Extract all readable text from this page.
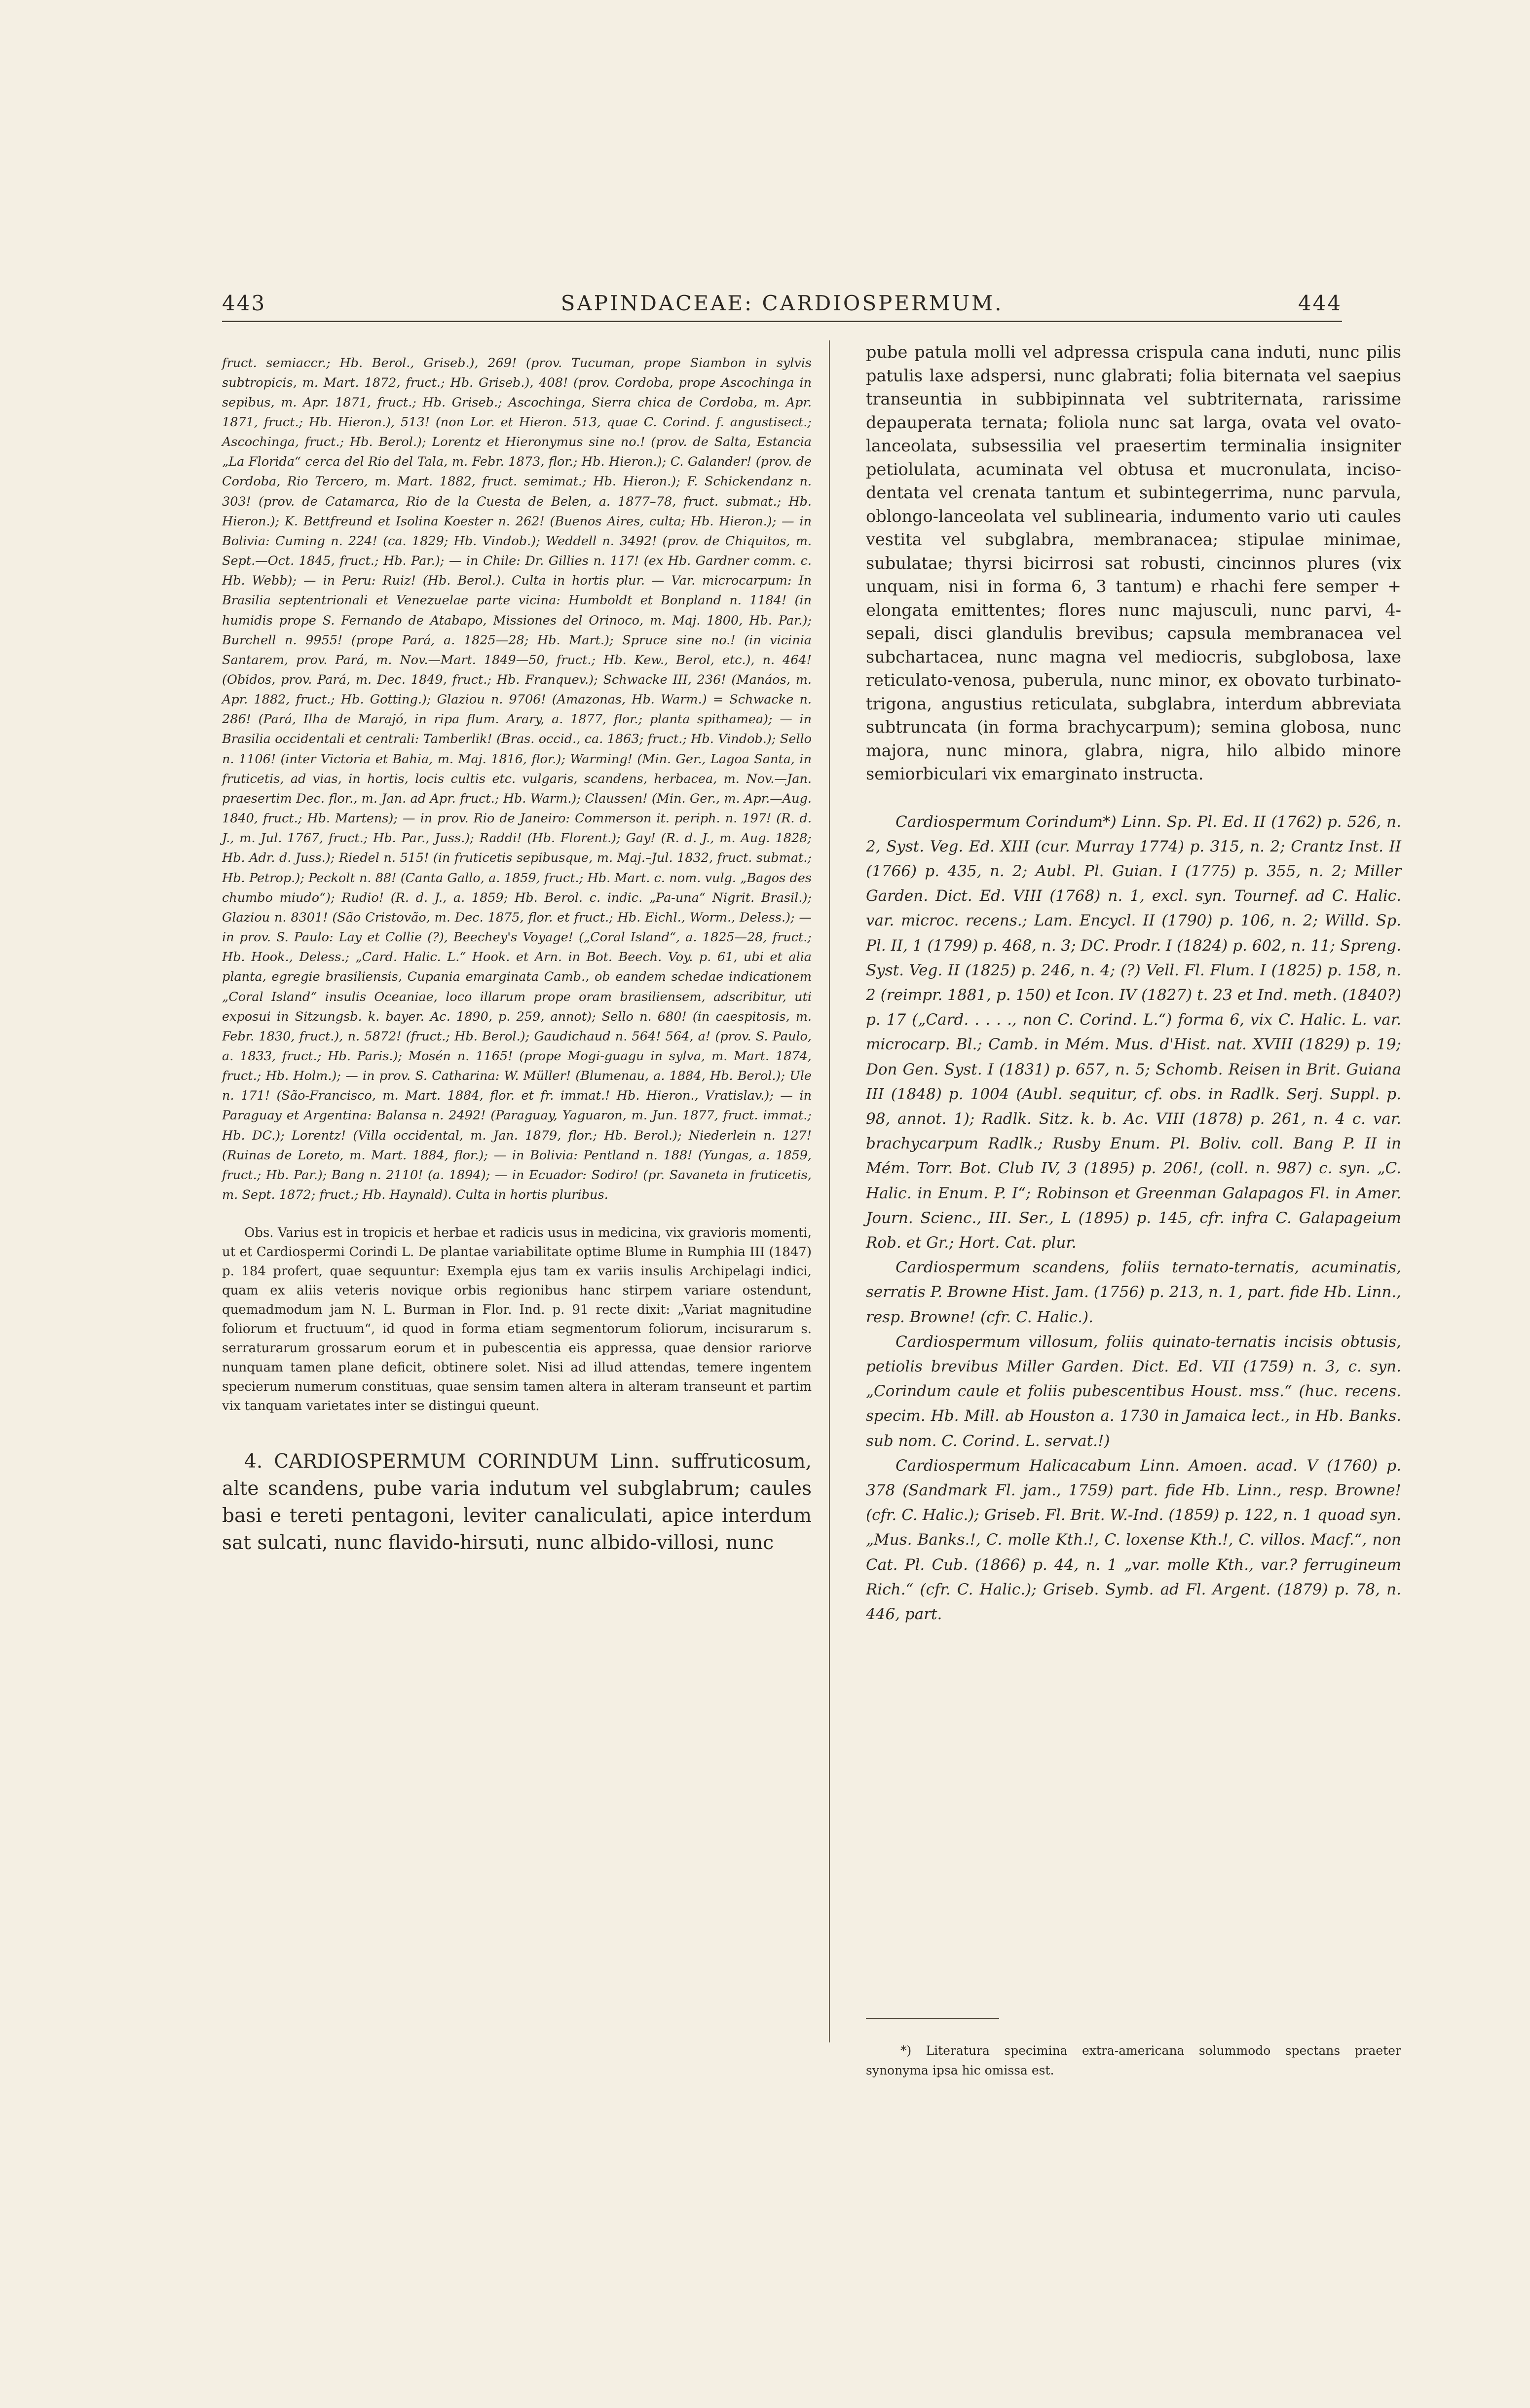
443	SAPINDACEAE: CARDIOSPERMUM.	444

fruct. semiaccr.; Hb. Berol., Griseb.), 269! (prov. Tucuman, prope Siambon in sylvis subtropicis, m. Mart. 1872, fruct.; Hb. Griseb.), 408! (prov. Cordoba, prope Ascochinga in sepibus, m. Apr. 1871, fruct.; Hb. Griseb.; Ascochinga, Sierra chica de Cordoba, m. Apr. 1871, fruct.; Hb. Hieron.), 513! (non Lor. et Hieron. 513, quae C. Corind. f. angustisect.; Ascochinga, fruct.; Hb. Berol.); Lorentz et Hieronymus sine no.! (prov. de Salta, Estancia „La Florida“ cerca del Rio del Tala, m. Febr. 1873, flor.; Hb. Hieron.); C. Galander! (prov. de Cordoba, Rio Tercero, m. Mart. 1882, fruct. semimat.; Hb. Hieron.); F. Schickendanz n. 303! (prov. de Catamarca, Rio de la Cuesta de Belen, a. 1877–78, fruct. submat.; Hb. Hieron.); K. Bettfreund et Isolina Koester n. 262! (Buenos Aires, culta; Hb. Hieron.); — in Bolivia: Cuming n. 224! (ca. 1829; Hb. Vindob.); Weddell n. 3492! (prov. de Chiquitos, m. Sept.—Oct. 1845, fruct.; Hb. Par.); — in Chile: Dr. Gillies n. 117! (ex Hb. Gardner comm. c. Hb. Webb); — in Peru: Ruiz! (Hb. Berol.). Culta in hortis plur. — Var. microcarpum: In Brasilia septentrionali et Venezuelae parte vicina: Humboldt et Bonpland n. 1184! (in humidis prope S. Fernando de Atabapo, Missiones del Orinoco, m. Maj. 1800, Hb. Par.); Burchell n. 9955! (prope Pará, a. 1825—28; Hb. Mart.); Spruce sine no.! (in vicinia Santarem, prov. Pará, m. Nov.—Mart. 1849—50, fruct.; Hb. Kew., Berol, etc.), n. 464! (Obidos, prov. Pará, m. Dec. 1849, fruct.; Hb. Franquev.); Schwacke III, 236! (Manáos, m. Apr. 1882, fruct.; Hb. Gotting.); Glaziou n. 9706! (Amazonas, Hb. Warm.) = Schwacke n. 286! (Pará, Ilha de Marajó, in ripa flum. Arary, a. 1877, flor.; planta spithamea); — in Brasilia occidentali et centrali: Tamberlik! (Bras. occid., ca. 1863; fruct.; Hb. Vindob.); Sello n. 1106! (inter Victoria et Bahia, m. Maj. 1816, flor.); Warming! (Min. Ger., Lagoa Santa, in fruticetis, ad vias, in hortis, locis cultis etc. vulgaris, scandens, herbacea, m. Nov.—Jan. praesertim Dec. flor., m. Jan. ad Apr. fruct.; Hb. Warm.); Claussen! (Min. Ger., m. Apr.—Aug. 1840, fruct.; Hb. Martens); — in prov. Rio de Janeiro: Commerson it. periph. n. 197! (R. d. J., m. Jul. 1767, fruct.; Hb. Par., Juss.); Raddi! (Hb. Florent.); Gay! (R. d. J., m. Aug. 1828; Hb. Adr. d. Juss.); Riedel n. 515! (in fruticetis sepibusque, m. Maj.–Jul. 1832, fruct. submat.; Hb. Petrop.); Peckolt n. 88! (Canta Gallo, a. 1859, fruct.; Hb. Mart. c. nom. vulg. „Bagos des chumbo miudo“); Rudio! (R. d. J., a. 1859; Hb. Berol. c. indic. „Pa-una“ Nigrit. Brasil.); Glaziou n. 8301! (São Cristovão, m. Dec. 1875, flor. et fruct.; Hb. Eichl., Worm., Deless.); — in prov. S. Paulo: Lay et Collie (?), Beechey's Voyage! („Coral Island“, a. 1825—28, fruct.; Hb. Hook., Deless.; „Card. Halic. L.“ Hook. et Arn. in Bot. Beech. Voy. p. 61, ubi et alia planta, egregie brasiliensis, Cupania emarginata Camb., ob eandem schedae indicationem „Coral Island“ insulis Oceaniae, loco illarum prope oram brasiliensem, adscribitur, uti exposui in Sitzungsb. k. bayer. Ac. 1890, p. 259, annot); Sello n. 680! (in caespitosis, m. Febr. 1830, fruct.), n. 5872! (fruct.; Hb. Berol.); Gaudichaud n. 564! 564, a! (prov. S. Paulo, a. 1833, fruct.; Hb. Paris.); Mosén n. 1165! (prope Mogi-guagu in sylva, m. Mart. 1874, fruct.; Hb. Holm.); — in prov. S. Catharina: W. Müller! (Blumenau, a. 1884, Hb. Berol.); Ule n. 171! (São-Francisco, m. Mart. 1884, flor. et fr. immat.! Hb. Hieron., Vratislav.); — in Paraguay et Argentina: Balansa n. 2492! (Paraguay, Yaguaron, m. Jun. 1877, fruct. immat.; Hb. DC.); Lorentz! (Villa occidental, m. Jan. 1879, flor.; Hb. Berol.); Niederlein n. 127! (Ruinas de Loreto, m. Mart. 1884, flor.); — in Bolivia: Pentland n. 188! (Yungas, a. 1859, fruct.; Hb. Par.); Bang n. 2110! (a. 1894); — in Ecuador: Sodiro! (pr. Savaneta in fruticetis, m. Sept. 1872; fruct.; Hb. Haynald). Culta in hortis pluribus.

Obs. Varius est in tropicis et herbae et radicis usus in medicina, vix gravioris momenti, ut et Cardiospermi Corindi L. De plantae variabilitate optime Blume in Rumphia III (1847) p. 184 profert, quae sequuntur: Exempla ejus tam ex variis insulis Archipelagi indici, quam ex aliis veteris novique orbis regionibus hanc stirpem variare ostendunt, quemadmodum jam N. L. Burman in Flor. Ind. p. 91 recte dixit: „Variat magnitudine foliorum et fructuum“, id quod in forma etiam segmentorum foliorum, incisurarum s. serraturarum grossarum eorum et in pubescentia eis appressa, quae densior rariorve nunquam tamen plane deficit, obtinere solet. Nisi ad illud attendas, temere ingentem specierum numerum constituas, quae sensim tamen altera in alteram transeunt et partim vix tanquam varietates inter se distingui queunt.

4. CARDIOSPERMUM CORINDUM Linn. suffruticosum, alte scandens, pube varia indutum vel subglabrum; caules basi e tereti pentagoni, leviter canaliculati, apice interdum sat sulcati, nunc flavido-hirsuti, nunc albido-villosi, nunc

pube patula molli vel adpressa crispula cana induti, nunc pilis patulis laxe adspersi, nunc glabrati; folia biternata vel saepius transeuntia in subbipinnata vel subtriternata, rarissime depauperata ternata; foliola nunc sat larga, ovata vel ovato-lanceolata, subsessilia vel praesertim terminalia insigniter petiolulata, acuminata vel obtusa et mucronulata, inciso-dentata vel crenata tantum et subintegerrima, nunc parvula, oblongo-lanceolata vel sublinearia, indumento vario uti caules vestita vel subglabra, membranacea; stipulae minimae, subulatae; thyrsi bicirrosi sat robusti, cincinnos plures (vix unquam, nisi in forma 6, 3 tantum) e rhachi fere semper + elongata emittentes; flores nunc majusculi, nunc parvi, 4-sepali, disci glandulis brevibus; capsula membranacea vel subchartacea, nunc magna vel mediocris, subglobosa, laxe reticulato-venosa, puberula, nunc minor, ex obovato turbinato-trigona, angustius reticulata, subglabra, interdum abbreviata subtruncata (in forma brachycarpum); semina globosa, nunc majora, nunc minora, glabra, nigra, hilo albido minore semiorbiculari vix emarginato instructa.

Cardiospermum Corindum*) Linn. Sp. Pl. Ed. II (1762) p. 526, n. 2, Syst. Veg. Ed. XIII (cur. Murray 1774) p. 315, n. 2; Crantz Inst. II (1766) p. 435, n. 2; Aubl. Pl. Guian. I (1775) p. 355, n. 2; Miller Garden. Dict. Ed. VIII (1768) n. 1, excl. syn. Tournef. ad C. Halic. var. microc. recens.; Lam. Encycl. II (1790) p. 106, n. 2; Willd. Sp. Pl. II, 1 (1799) p. 468, n. 3; DC. Prodr. I (1824) p. 602, n. 11; Spreng. Syst. Veg. II (1825) p. 246, n. 4; (?) Vell. Fl. Flum. I (1825) p. 158, n. 2 (reimpr. 1881, p. 150) et Icon. IV (1827) t. 23 et Ind. meth. (1840?) p. 17 („Card. . . . ., non C. Corind. L.“) forma 6, vix C. Halic. L. var. microcarp. Bl.; Camb. in Mém. Mus. d'Hist. nat. XVIII (1829) p. 19; Don Gen. Syst. I (1831) p. 657, n. 5; Schomb. Reisen in Brit. Guiana III (1848) p. 1004 (Aubl. sequitur, cf. obs. in Radlk. Serj. Suppl. p. 98, annot. 1); Radlk. Sitz. k. b. Ac. VIII (1878) p. 261, n. 4 c. var. brachycarpum Radlk.; Rusby Enum. Pl. Boliv. coll. Bang P. II in Mém. Torr. Bot. Club IV, 3 (1895) p. 206!, (coll. n. 987) c. syn. „C. Halic. in Enum. P. I“; Robinson et Greenman Galapagos Fl. in Amer. Journ. Scienc., III. Ser., L (1895) p. 145, cfr. infra C. Galapageium Rob. et Gr.; Hort. Cat. plur.

Cardiospermum scandens, foliis ternato-ternatis, acuminatis, serratis P. Browne Hist. Jam. (1756) p. 213, n. 1, part. fide Hb. Linn., resp. Browne! (cfr. C. Halic.).

Cardiospermum villosum, foliis quinato-ternatis incisis obtusis, petiolis brevibus Miller Garden. Dict. Ed. VII (1759) n. 3, c. syn. „Corindum caule et foliis pubescentibus Houst. mss.“ (huc. recens. specim. Hb. Mill. ab Houston a. 1730 in Jamaica lect., in Hb. Banks. sub nom. C. Corind. L. servat.!)

Cardiospermum Halicacabum Linn. Amoen. acad. V (1760) p. 378 (Sandmark Fl. jam., 1759) part. fide Hb. Linn., resp. Browne! (cfr. C. Halic.); Griseb. Fl. Brit. W.-Ind. (1859) p. 122, n. 1 quoad syn. „Mus. Banks.!, C. molle Kth.!, C. loxense Kth.!, C. villos. Macf.“, non Cat. Pl. Cub. (1866) p. 44, n. 1 „var. molle Kth., var.? ferrugineum Rich.“ (cfr. C. Halic.); Griseb. Symb. ad Fl. Argent. (1879) p. 78, n. 446, part.

*) Literatura specimina extra-americana solummodo spectans praeter synonyma ipsa hic omissa est.
